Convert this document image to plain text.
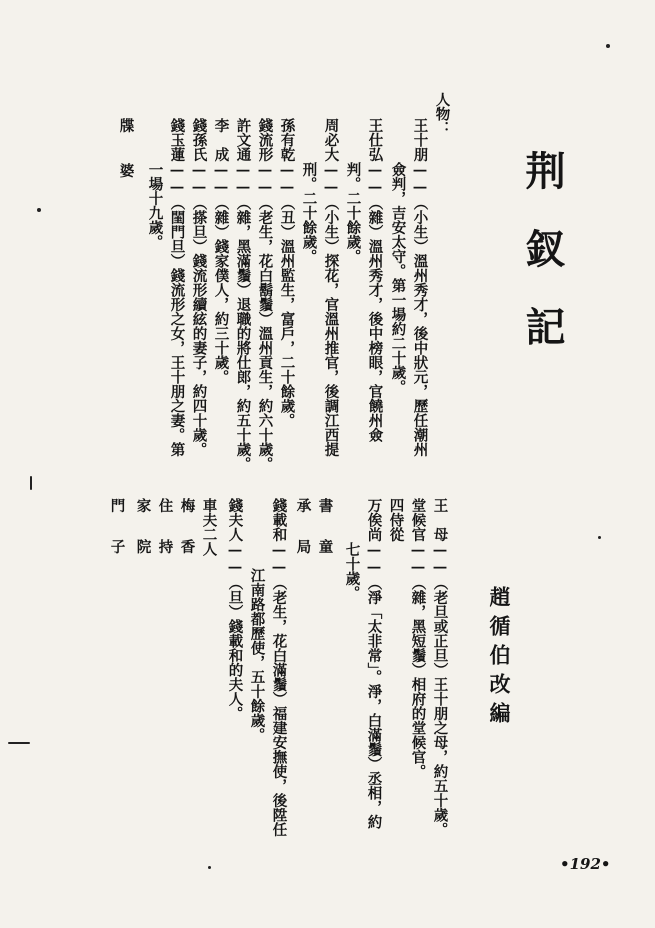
荆釵記
趙循伯改編
人物：
王十朋——（小生）溫州秀才，後中狀元，歷任潮州
僉判，吉安太守。第一場約二十歲。
王仕弘——（雜）溫州秀才，後中榜眼，官饒州僉
判。二十餘歲。
周必大——（小生）探花，官溫州推官，後調江西提
刑。二十餘歲。
孫有乾——（丑）溫州監生，富戶，二十餘歲。
錢流形——（老生，花白鬍鬚）溫州貢生，約六十歲。
許文通——（雜，黑滿鬚）退職的將仕郎，約五十歲。
李　成——（雜）錢家僕人，約三十歲。
錢孫氏——（搽旦）錢流形續絃的妻子，約四十歲。
錢玉蓮——（閨門旦）錢流形之女，王十朋之妻。第
一場十九歲。
牒　婆
王　母——（老旦或正旦）王十朋之母，約五十歲。
堂候官——（雜，黑短鬚）相府的堂候官。
四侍從
万俟尚——（淨「太非常」。淨，白滿鬚）丞相，約
七十歲。
書　童
承　局
錢載和——（老生，花白滿鬚）福建安撫使，後陞任
江南路都歷使，五十餘歲。
錢夫人——（旦）錢載和的夫人。
車夫二人
梅　香
住　持
家　院
門　子
•192•
